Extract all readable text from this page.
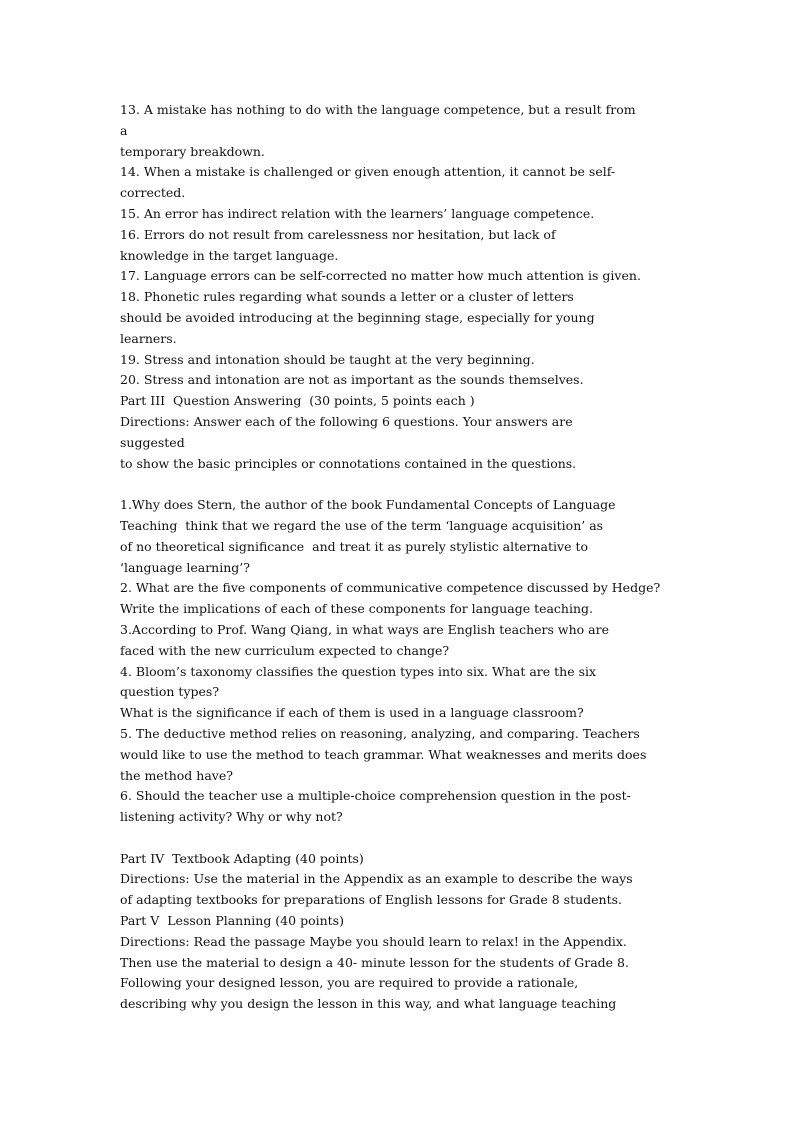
13. A mistake has nothing to do with the language competence, but a result from
a
temporary breakdown.
14. When a mistake is challenged or given enough attention, it cannot be self-
corrected.
15. An error has indirect relation with the learners’ language competence.
16. Errors do not result from carelessness nor hesitation, but lack of
knowledge in the target language.
17. Language errors can be self-corrected no matter how much attention is given.
18. Phonetic rules regarding what sounds a letter or a cluster of letters
should be avoided introducing at the beginning stage, especially for young
learners.
19. Stress and intonation should be taught at the very beginning.
20. Stress and intonation are not as important as the sounds themselves.
Part III  Question Answering  (30 points, 5 points each )
Directions: Answer each of the following 6 questions. Your answers are
suggested
to show the basic principles or connotations contained in the questions.

1.Why does Stern, the author of the book Fundamental Concepts of Language
Teaching  think that we regard the use of the term ‘language acquisition’ as
of no theoretical significance  and treat it as purely stylistic alternative to
‘language learning’?
2. What are the five components of communicative competence discussed by Hedge?
Write the implications of each of these components for language teaching.
3.According to Prof. Wang Qiang, in what ways are English teachers who are
faced with the new curriculum expected to change?
4. Bloom’s taxonomy classifies the question types into six. What are the six
question types?
What is the significance if each of them is used in a language classroom?
5. The deductive method relies on reasoning, analyzing, and comparing. Teachers
would like to use the method to teach grammar. What weaknesses and merits does
the method have?
6. Should the teacher use a multiple-choice comprehension question in the post-
listening activity? Why or why not?

Part IV  Textbook Adapting (40 points)
Directions: Use the material in the Appendix as an example to describe the ways
of adapting textbooks for preparations of English lessons for Grade 8 students.
Part V  Lesson Planning (40 points)
Directions: Read the passage Maybe you should learn to relax! in the Appendix.
Then use the material to design a 40- minute lesson for the students of Grade 8.
Following your designed lesson, you are required to provide a rationale,
describing why you design the lesson in this way, and what language teaching
